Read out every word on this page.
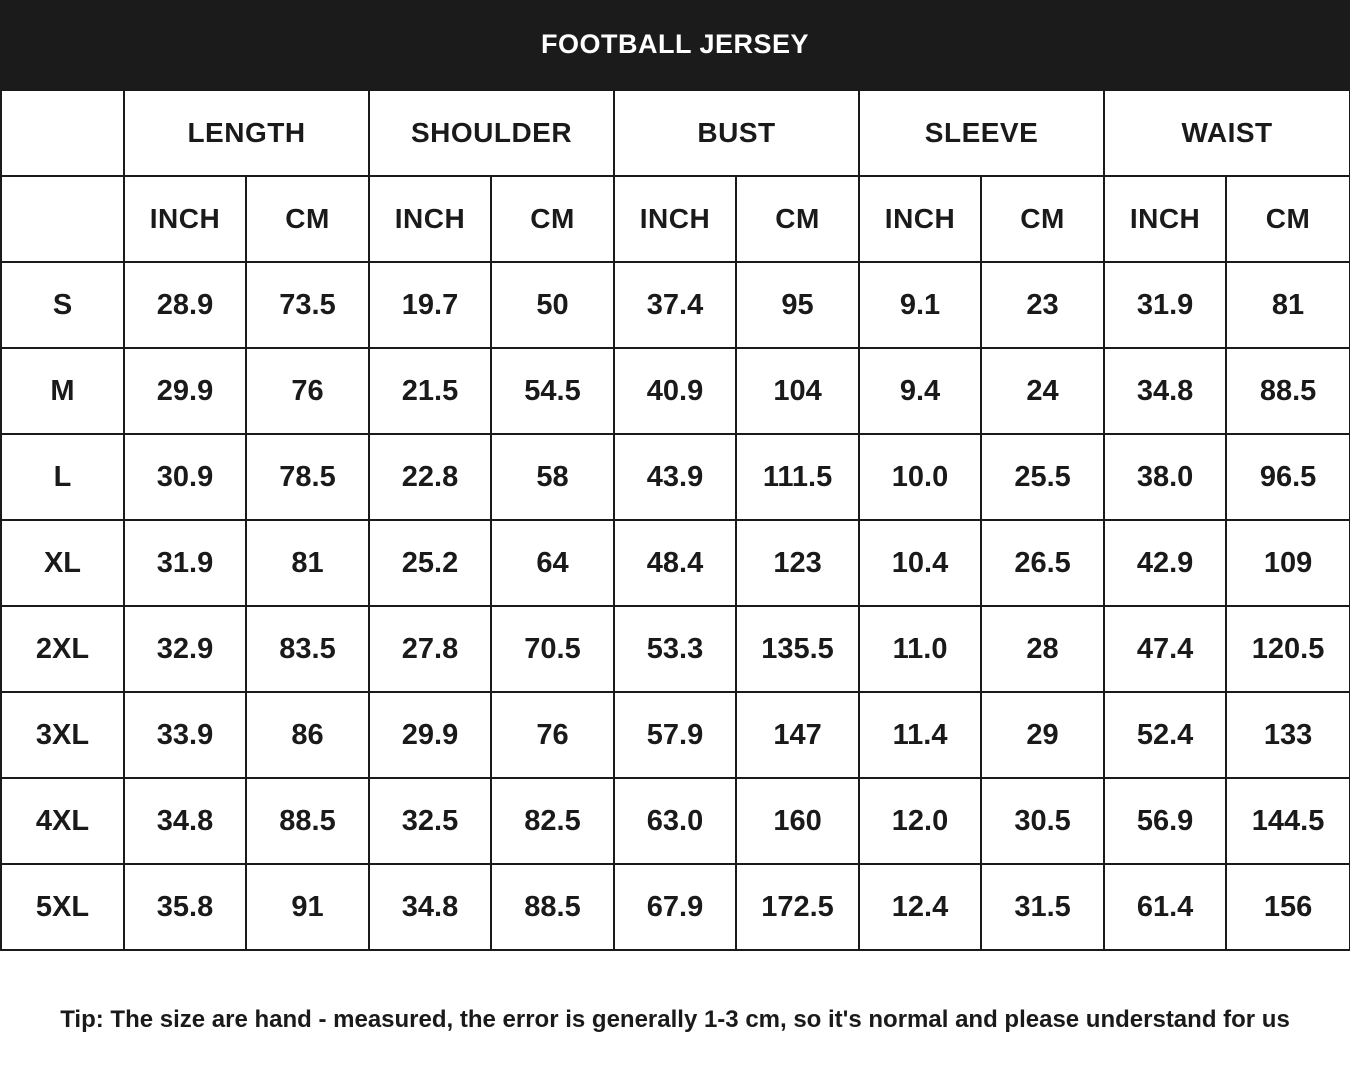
FOOTBALL JERSEY
	LENGTH		SHOULDER		BUST		SLEEVE		WAIST	
	INCH	CM	INCH	CM	INCH	CM	INCH	CM	INCH	CM
S	28.9	73.5	19.7	50	37.4	95	9.1	23	31.9	81
M	29.9	76	21.5	54.5	40.9	104	9.4	24	34.8	88.5
L	30.9	78.5	22.8	58	43.9	111.5	10.0	25.5	38.0	96.5
XL	31.9	81	25.2	64	48.4	123	10.4	26.5	42.9	109
2XL	32.9	83.5	27.8	70.5	53.3	135.5	11.0	28	47.4	120.5
3XL	33.9	86	29.9	76	57.9	147	11.4	29	52.4	133
4XL	34.8	88.5	32.5	82.5	63.0	160	12.0	30.5	56.9	144.5
5XL	35.8	91	34.8	88.5	67.9	172.5	12.4	31.5	61.4	156
Tip: The size are hand - measured, the error is generally 1-3 cm, so it's normal and please understand for us
